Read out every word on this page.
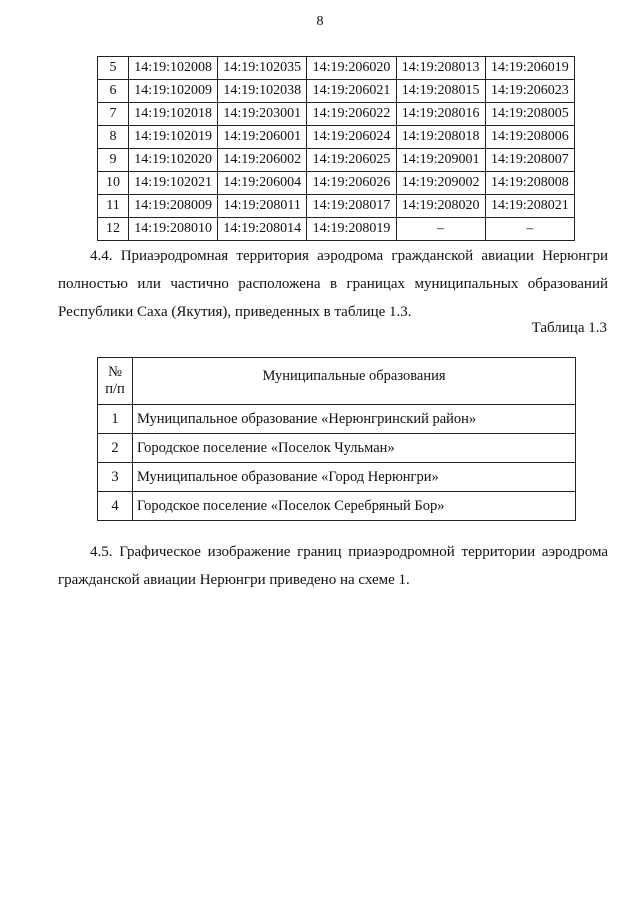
8
5	14:19:102008	14:19:102035	14:19:206020	14:19:208013	14:19:206019
6	14:19:102009	14:19:102038	14:19:206021	14:19:208015	14:19:206023
7	14:19:102018	14:19:203001	14:19:206022	14:19:208016	14:19:208005
8	14:19:102019	14:19:206001	14:19:206024	14:19:208018	14:19:208006
9	14:19:102020	14:19:206002	14:19:206025	14:19:209001	14:19:208007
10	14:19:102021	14:19:206004	14:19:206026	14:19:209002	14:19:208008
11	14:19:208009	14:19:208011	14:19:208017	14:19:208020	14:19:208021
12	14:19:208010	14:19:208014	14:19:208019	–	–

4.4. Приаэродромная территория аэродрома гражданской авиации Нерюнгри полностью или частично расположена в границах муниципальных образований Республики Саха (Якутия), приведенных в таблице 1.3.

Таблица 1.3
№
п/п	Муниципальные образования
1	Муниципальное образование «Нерюнгринский район»
2	Городское поселение «Поселок Чульман»
3	Муниципальное образование «Город Нерюнгри»
4	Городское поселение «Поселок Серебряный Бор»

4.5. Графическое изображение границ приаэродромной территории аэродрома гражданской авиации Нерюнгри приведено на схеме 1.
